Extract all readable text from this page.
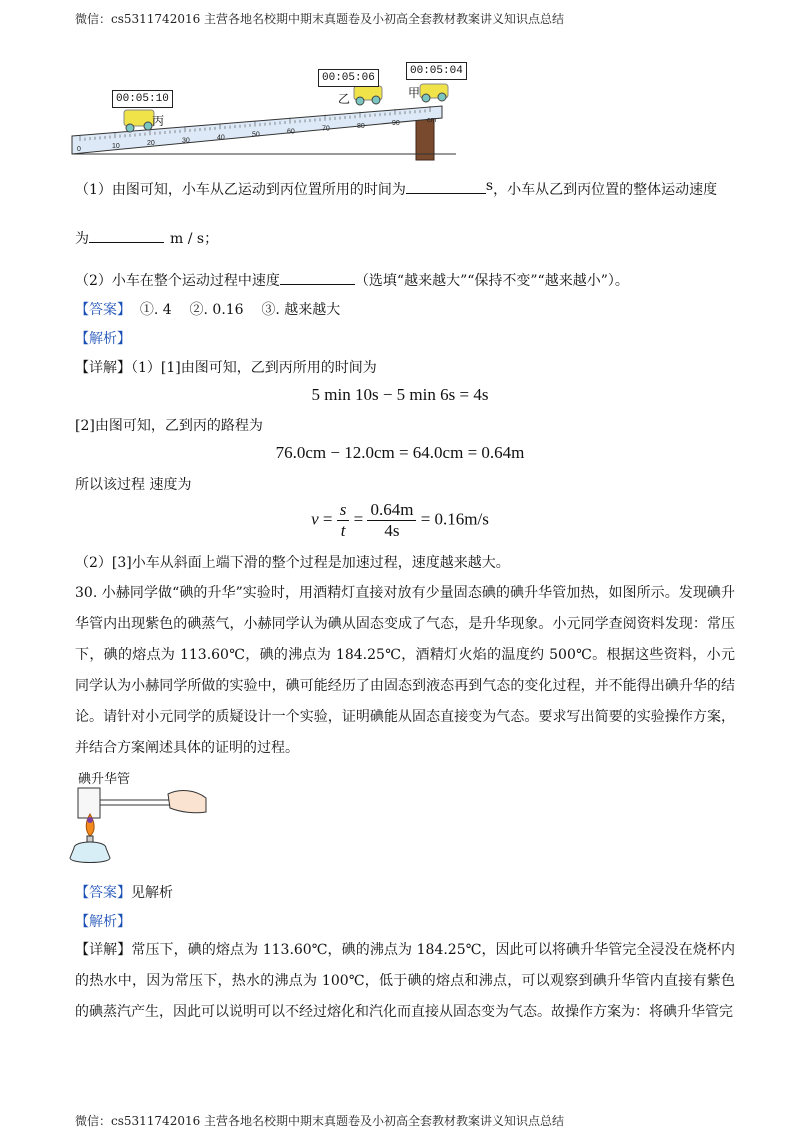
微信：cs5311742016 主营各地名校期中期末真题卷及小初高全套教材教案讲义知识点总结
0	10	20	30	40	50	60	70	80	90	cm
00:05:10
00:05:06
00:05:04
丙
乙	甲
（1）由图可知，小车从乙运动到丙位置所用的时间为	s，小车从乙到丙位置的整体运动速度
为	m / s；
（2）小车在整个运动过程中速度	（选填“越来越大”“保持不变”“越来越小”）。
【答案】  ①. 4    ②. 0.16    ③. 越来越大
【解析】
【详解】（1）[1]由图可知，乙到丙所用的时间为
5 min 10s − 5 min 6s = 4s
[2]由图可知，乙到丙的路程为
76.0cm − 12.0cm = 64.0cm = 0.64m
所以该过程 速度为
$v = \frac{s}{t} = \frac{0.64m}{4s} = 0.16m/s$
（2）[3]小车从斜面上端下滑的整个过程是加速过程，速度越来越大。
30. 小赫同学做“碘的升华”实验时，用酒精灯直接对放有少量固态碘的碘升华管加热，如图所示。发现碘升华管内出现紫色的碘蒸气，小赫同学认为碘从固态变成了气态，是升华现象。小元同学查阅资料发现：常压下，碘的熔点为 113.60℃，碘的沸点为 184.25℃，酒精灯火焰的温度约 500℃。根据这些资料，小元同学认为小赫同学所做的实验中，碘可能经历了由固态到液态再到气态的变化过程，并不能得出碘升华的结论。请针对小元同学的质疑设计一个实验，证明碘能从固态直接变为气态。要求写出简要的实验操作方案，并结合方案阐述具体的证明的过程。
碘升华管
【答案】见解析
【解析】
【详解】常压下，碘的熔点为 113.60℃，碘的沸点为 184.25℃，因此可以将碘升华管完全浸没在烧杯内的热水中，因为常压下，热水的沸点为 100℃，低于碘的熔点和沸点，可以观察到碘升华管内直接有紫色的碘蒸汽产生，因此可以说明可以不经过熔化和汽化而直接从固态变为气态。故操作方案为：将碘升华管完
微信：cs5311742016 主营各地名校期中期末真题卷及小初高全套教材教案讲义知识点总结
